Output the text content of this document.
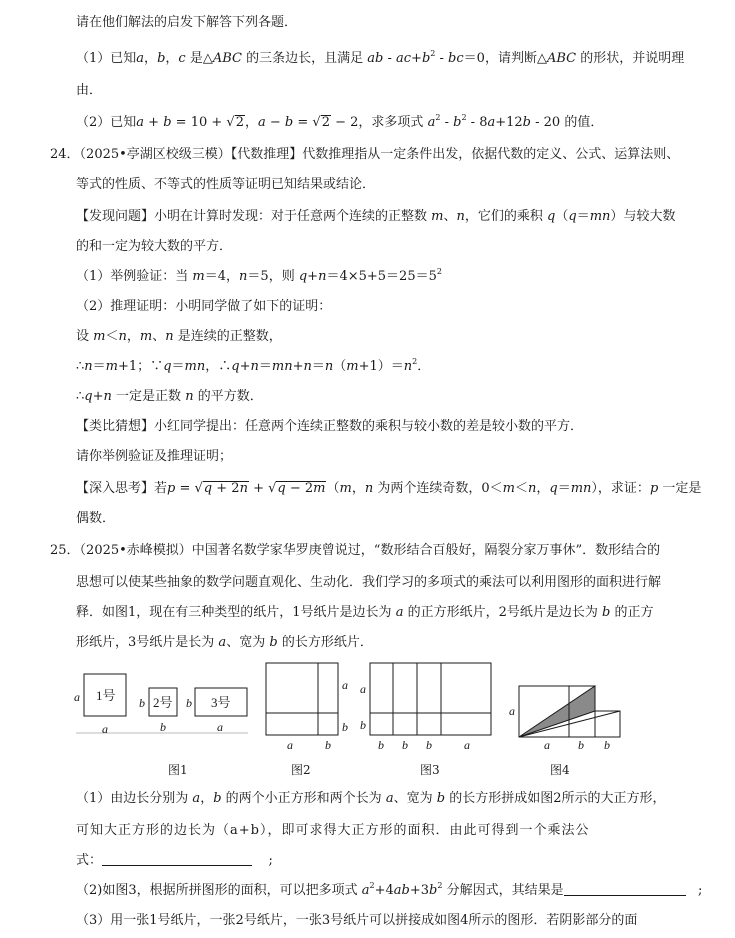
请在他们解法的启发下解答下列各题．
（1）已知a，b，c 是△ABC 的三条边长，且满足 ab - $ac+b^2 - bc=0$，请判断△ABC 的形状，并说明理
由．
（2）已知a + b = 10 + √2，a − b = √2 − 2，求多项式 $a^2 - b^2 - 8a+12b - 20$ 的值．
24．（2025•亭湖区校级三模）【代数推理】代数推理指从一定条件出发，依据代数的定义、公式、运算法则、
等式的性质、不等式的性质等证明已知结果或结论．
【发现问题】小明在计算时发现：对于任意两个连续的正整数 m、n，它们的乘积 q（q＝mn）与较大数
的和一定为较大数的平方．
（1）举例验证：当 m＝4，n＝5，则 $q+n=4\times 5+5=25=5^2$
（2）推理证明：小明同学做了如下的证明：
设 m＜n，m、n 是连续的正整数，
∴n＝m+1；∵q＝mn，$\therefore q+n=mn+n=n(m+1)=n^2$．
∴q+n 一定是正数 n 的平方数．
【类比猜想】小红同学提出：任意两个连续正整数的乘积与较小数的差是较小数的平方．
请你举例验证及推理证明；
【深入思考】若p = √q + 2n + √q − 2m（m，n 为两个连续奇数，0＜m＜n，q＝mn），求证：p 一定是
偶数．
25．（2025•赤峰模拟）中国著名数学家华罗庚曾说过，“数形结合百般好，隔裂分家万事休”．数形结合的
思想可以使某些抽象的数学问题直观化、生动化．我们学习的多项式的乘法可以利用图形的面积进行解
释．如图1，现在有三种类型的纸片，1号纸片是边长为 a 的正方形纸片，2号纸片是边长为 b 的正方
形纸片，3号纸片是长为 a、宽为 b 的长方形纸片．
a
a
b
b
b
a
a
b
a	b
a
b
b b b	a
a
a b b
1号	2号	3号
图1	图2	图3	图4
（1）由边长分别为 a，b 的两个小正方形和两个长为 a、宽为 b 的长方形拼成如图2所示的大正方形，
可知大正方形的边长为（a+b），即可求得大正方形的面积．由此可得到一个乘法公
式：	;
（2)如图3，根据所拼图形的面积，可以把多项式 $a^2+4ab+3b^2$ 分解因式，其结果是	;
（3）用一张1号纸片，一张2号纸片，一张3号纸片可以拼接成如图4所示的图形．若阴影部分的面
